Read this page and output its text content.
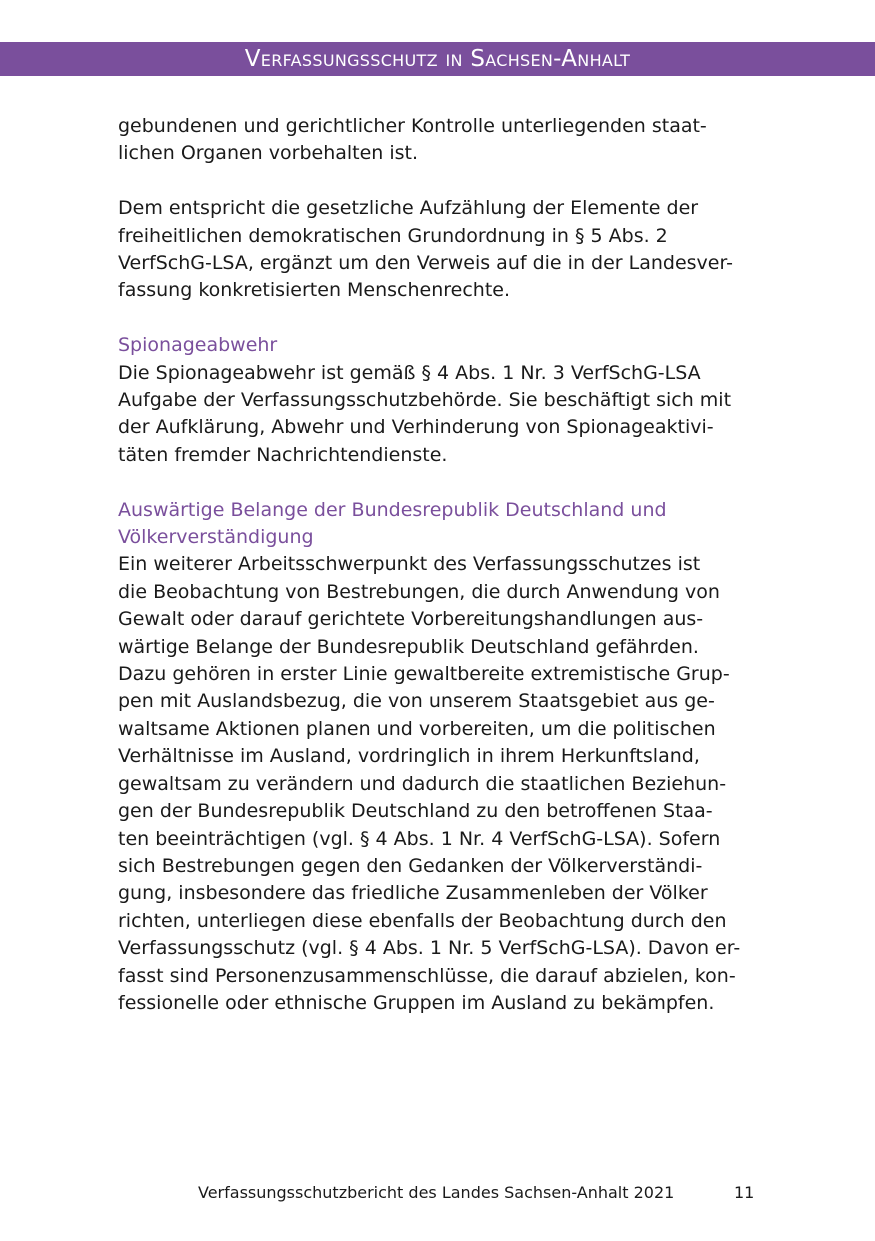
Verfassungsschutz in Sachsen-Anhalt

gebundenen und gerichtlicher Kontrolle unterliegenden staat-
lichen Organen vorbehalten ist.

Dem entspricht die gesetzliche Aufzählung der Elemente der
freiheitlichen demokratischen Grundordnung in § 5 Abs. 2
VerfSchG-LSA, ergänzt um den Verweis auf die in der Landesver-
fassung konkretisierten Menschenrechte.

Spionageabwehr

Die Spionageabwehr ist gemäß § 4 Abs. 1 Nr. 3 VerfSchG-LSA
Aufgabe der Verfassungsschutzbehörde. Sie beschäftigt sich mit
der Aufklärung, Abwehr und Verhinderung von Spionageaktivi-
täten fremder Nachrichtendienste.

Auswärtige Belange der Bundesrepublik Deutschland und
Völkerverständigung

Ein weiterer Arbeitsschwerpunkt des Verfassungsschutzes ist
die Beobachtung von Bestrebungen, die durch Anwendung von
Gewalt oder darauf gerichtete Vorbereitungshandlungen aus-
wärtige Belange der Bundesrepublik Deutschland gefährden.
Dazu gehören in erster Linie gewaltbereite extremistische Grup-
pen mit Auslandsbezug, die von unserem Staatsgebiet aus ge-
waltsame Aktionen planen und vorbereiten, um die politischen
Verhältnisse im Ausland, vordringlich in ihrem Herkunftsland,
gewaltsam zu verändern und dadurch die staatlichen Beziehun-
gen der Bundesrepublik Deutschland zu den betroffenen Staa-
ten beeinträchtigen (vgl. § 4 Abs. 1 Nr. 4 VerfSchG-LSA). Sofern
sich Bestrebungen gegen den Gedanken der Völkerverständi-
gung, insbesondere das friedliche Zusammenleben der Völker
richten, unterliegen diese ebenfalls der Beobachtung durch den
Verfassungsschutz (vgl. § 4 Abs. 1 Nr. 5 VerfSchG-LSA). Davon er-
fasst sind Personenzusammenschlüsse, die darauf abzielen, kon-
fessionelle oder ethnische Gruppen im Ausland zu bekämpfen.

Verfassungsschutzbericht des Landes Sachsen-Anhalt 2021	11
